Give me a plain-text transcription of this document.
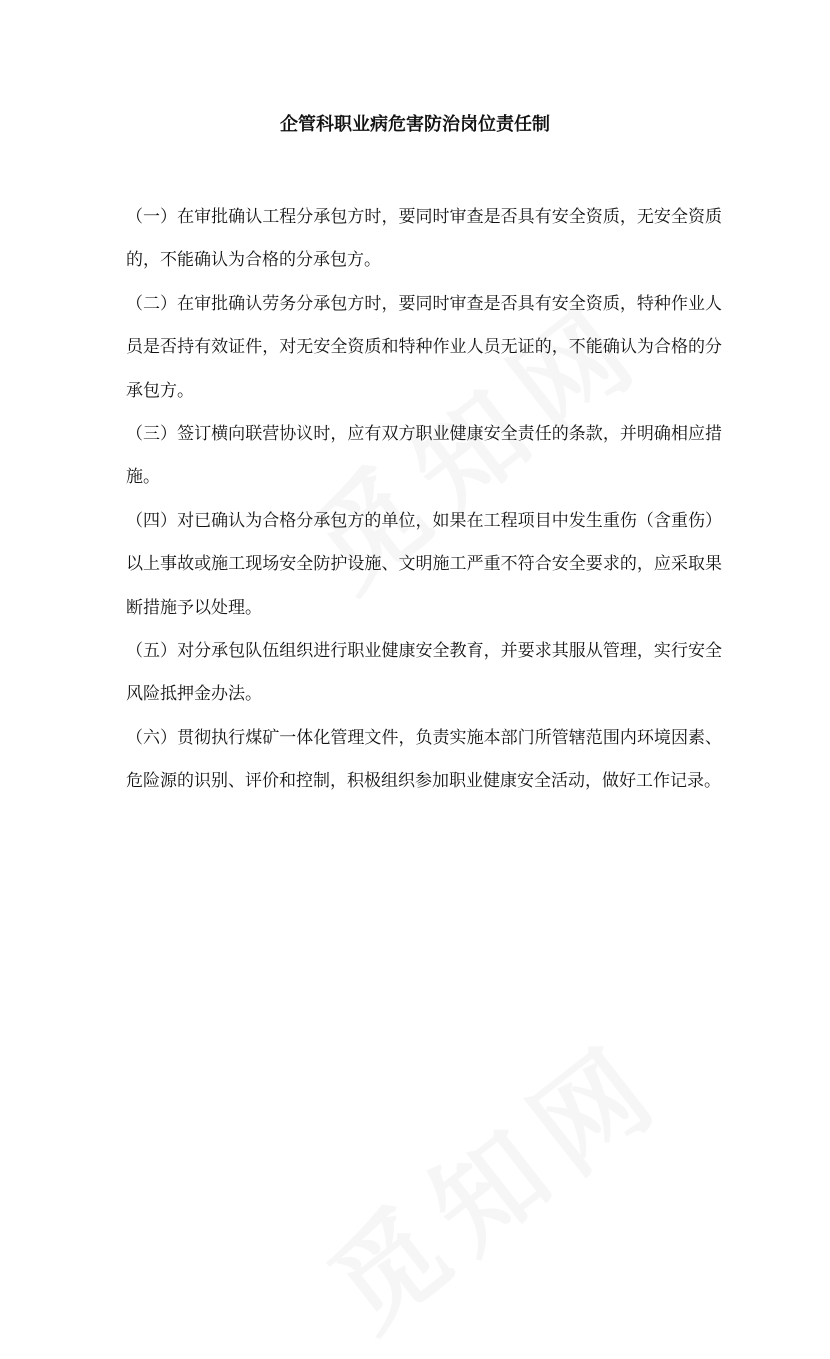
企管科职业病危害防治岗位责任制

（一）在审批确认工程分承包方时，要同时审查是否具有安全资质，无安全资质的，不能确认为合格的分承包方。

（二）在审批确认劳务分承包方时，要同时审查是否具有安全资质，特种作业人员是否持有效证件，对无安全资质和特种作业人员无证的，不能确认为合格的分承包方。

（三）签订横向联营协议时，应有双方职业健康安全责任的条款，并明确相应措施。

（四）对已确认为合格分承包方的单位，如果在工程项目中发生重伤（含重伤）以上事故或施工现场安全防护设施、文明施工严重不符合安全要求的，应采取果断措施予以处理。

（五）对分承包队伍组织进行职业健康安全教育，并要求其服从管理，实行安全风险抵押金办法。

（六）贯彻执行煤矿一体化管理文件，负责实施本部门所管辖范围内环境因素、危险源的识别、评价和控制，积极组织参加职业健康安全活动，做好工作记录。
